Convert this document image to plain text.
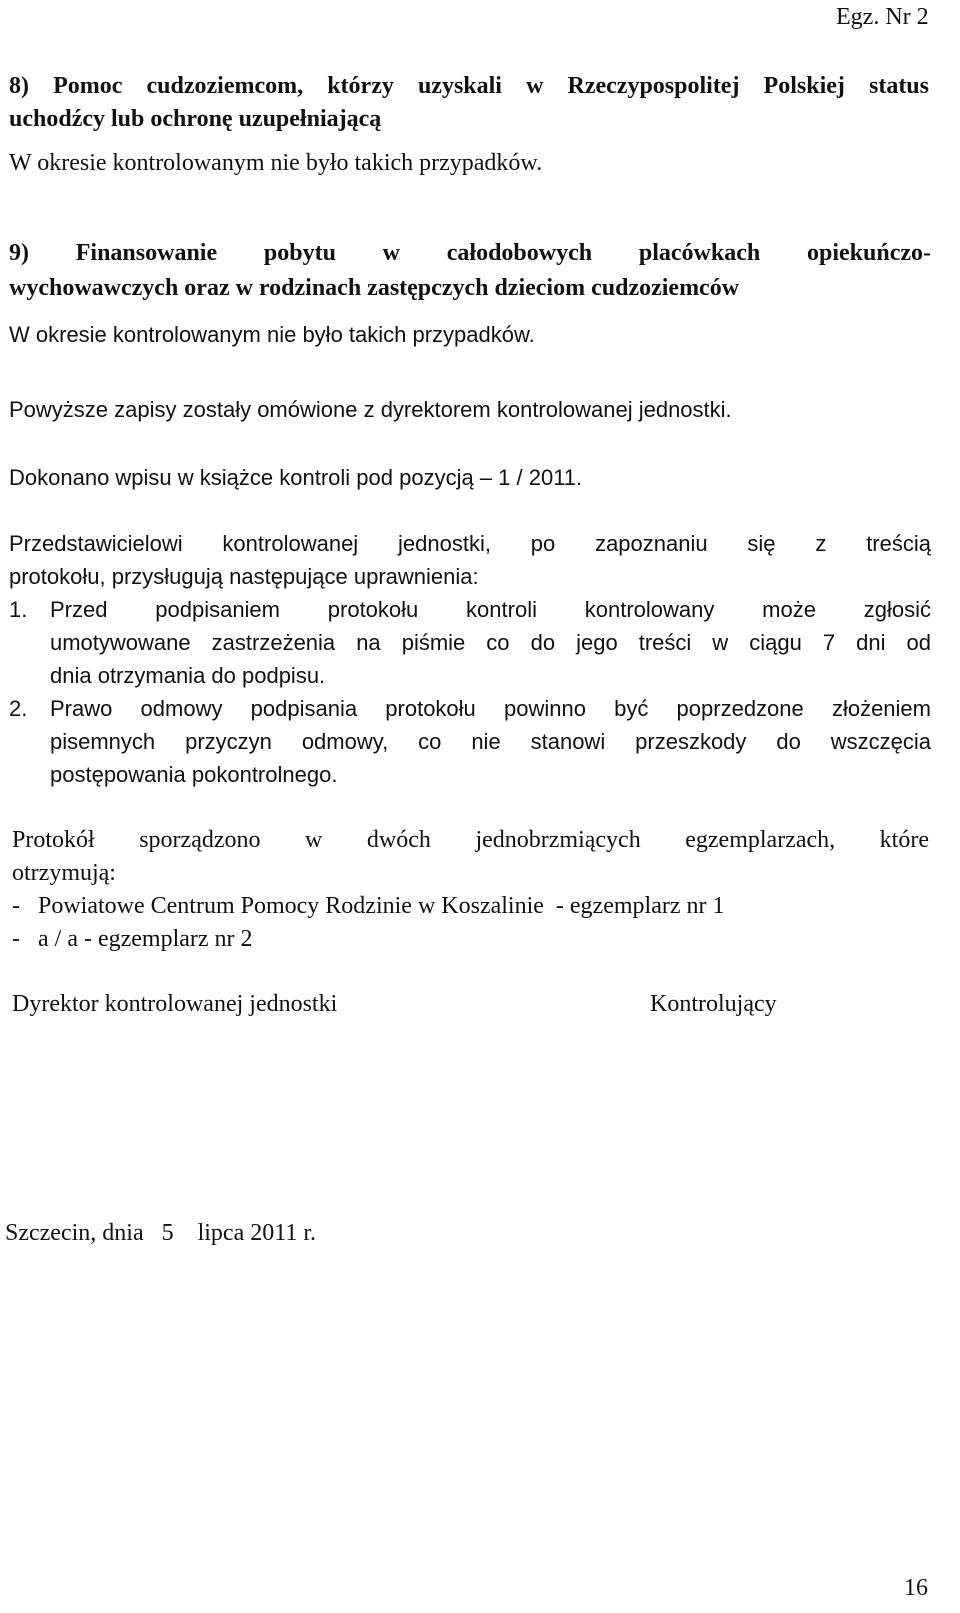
Egz. Nr 2
8) Pomoc cudzoziemcom, którzy uzyskali w Rzeczypospolitej Polskiej status
uchodźcy lub ochronę uzupełniającą
W okresie kontrolowanym nie było takich przypadków.
9) Finansowanie pobytu w całodobowych placówkach opiekuńczo-
wychowawczych oraz w rodzinach zastępczych dzieciom cudzoziemców
W okresie kontrolowanym nie było takich przypadków.
Powyższe zapisy zostały omówione z dyrektorem kontrolowanej jednostki.
Dokonano wpisu w książce kontroli pod pozycją – 1 / 2011.
Przedstawicielowi kontrolowanej jednostki, po zapoznaniu się z treścią
protokołu, przysługują następujące uprawnienia:
1. Przed podpisaniem protokołu kontroli kontrolowany może zgłosić
umotywowane zastrzeżenia na piśmie co do jego treści w ciągu 7 dni od
dnia otrzymania do podpisu.
2. Prawo odmowy podpisania protokołu powinno być poprzedzone złożeniem
pisemnych przyczyn odmowy, co nie stanowi przeszkody do wszczęcia
postępowania pokontrolnego.
Protokół sporządzono w dwóch jednobrzmiących egzemplarzach, które
otrzymują:
-   Powiatowe Centrum Pomocy Rodzinie w Koszalinie  - egzemplarz nr 1
-   a / a - egzemplarz nr 2
Dyrektor kontrolowanej jednostki	Kontrolujący
Szczecin, dnia   5    lipca 2011 r.
16
